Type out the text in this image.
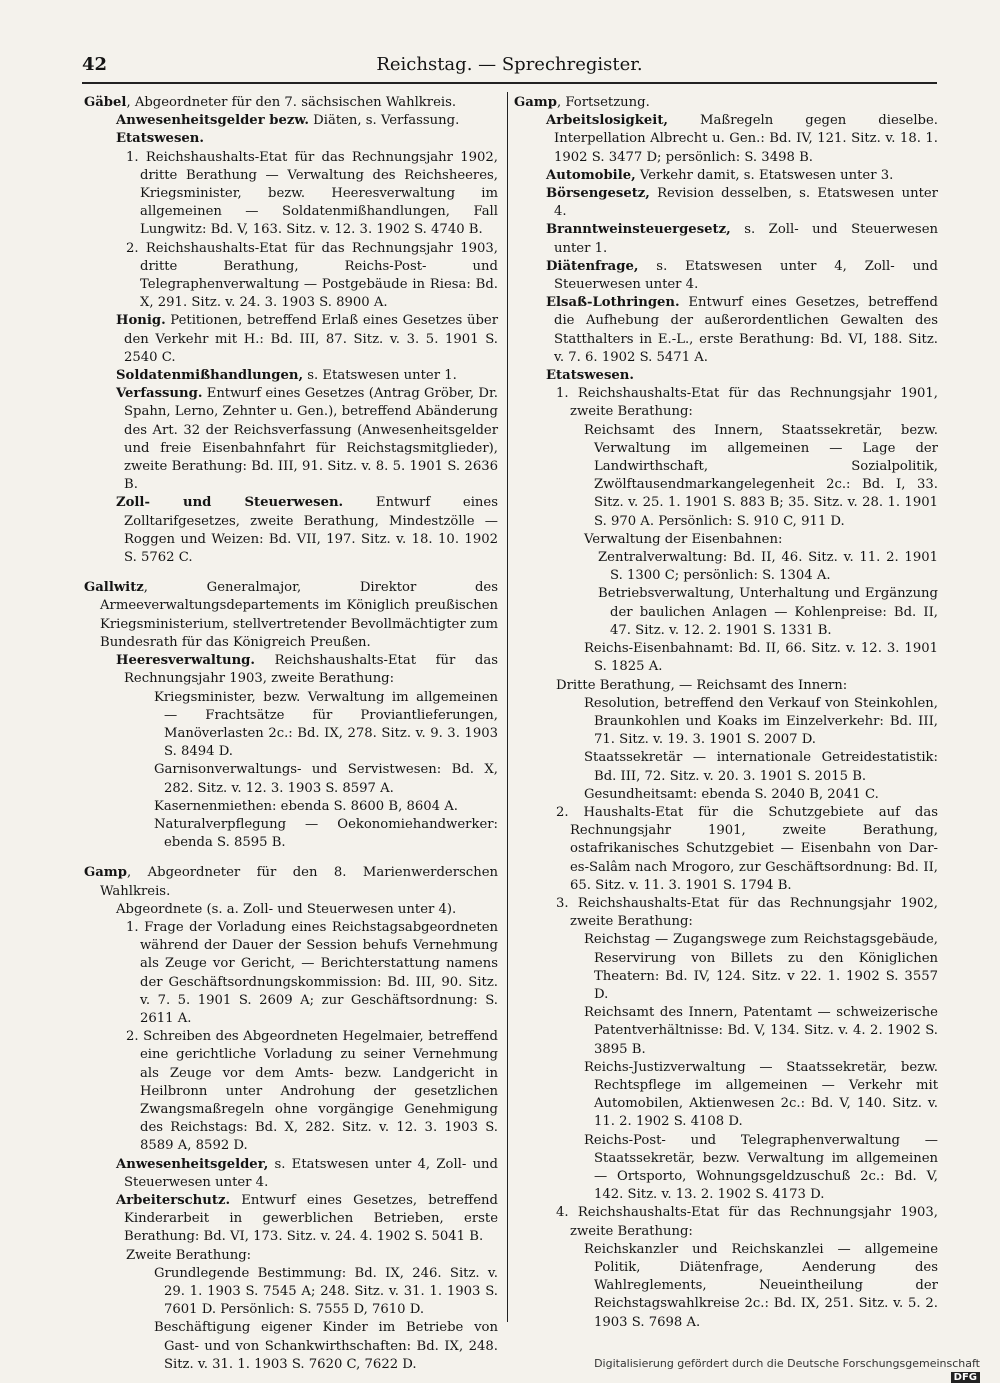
42	Reichstag. — Sprechregister.

Gäbel, Abgeordneter für den 7. sächsischen Wahlkreis.

Anwesenheitsgelder bezw. Diäten, s. Verfassung.

Etatswesen.

1. Reichshaushalts-Etat für das Rechnungsjahr 1902, dritte Berathung — Verwaltung des Reichsheeres, Kriegsminister, bezw. Heeresverwaltung im allgemeinen — Soldatenmißhandlungen, Fall Lungwitz: Bd. V, 163. Sitz. v. 12. 3. 1902 S. 4740 B.

2. Reichshaushalts-Etat für das Rechnungsjahr 1903, dritte Berathung, Reichs-Post- und Telegraphenverwaltung — Postgebäude in Riesa: Bd. X, 291. Sitz. v. 24. 3. 1903 S. 8900 A.

Honig. Petitionen, betreffend Erlaß eines Gesetzes über den Verkehr mit H.: Bd. III, 87. Sitz. v. 3. 5. 1901 S. 2540 C.

Soldatenmißhandlungen, s. Etatswesen unter 1.

Verfassung. Entwurf eines Gesetzes (Antrag Gröber, Dr. Spahn, Lerno, Zehnter u. Gen.), betreffend Abänderung des Art. 32 der Reichsverfassung (Anwesenheitsgelder und freie Eisenbahnfahrt für Reichstagsmitglieder), zweite Berathung: Bd. III, 91. Sitz. v. 8. 5. 1901 S. 2636 B.

Zoll- und Steuerwesen. Entwurf eines Zolltarifgesetzes, zweite Berathung, Mindestzölle — Roggen und Weizen: Bd. VII, 197. Sitz. v. 18. 10. 1902 S. 5762 C.

Gallwitz, Generalmajor, Direktor des Armeeverwaltungsdepartements im Königlich preußischen Kriegsministerium, stellvertretender Bevollmächtigter zum Bundesrath für das Königreich Preußen.

Heeresverwaltung. Reichshaushalts-Etat für das Rechnungsjahr 1903, zweite Berathung:

Kriegsminister, bezw. Verwaltung im allgemeinen — Frachtsätze für Proviantlieferungen, Manöverlasten 2c.: Bd. IX, 278. Sitz. v. 9. 3. 1903 S. 8494 D.

Garnisonverwaltungs- und Servistwesen: Bd. X, 282. Sitz. v. 12. 3. 1903 S. 8597 A.

Kasernenmiethen: ebenda S. 8600 B, 8604 A.

Naturalverpflegung — Oekonomiehandwerker: ebenda S. 8595 B.

Gamp, Abgeordneter für den 8. Marienwerderschen Wahlkreis.

Abgeordnete (s. a. Zoll- und Steuerwesen unter 4).

1. Frage der Vorladung eines Reichstagsabgeordneten während der Dauer der Session behufs Vernehmung als Zeuge vor Gericht, — Berichterstattung namens der Geschäftsordnungskommission: Bd. III, 90. Sitz. v. 7. 5. 1901 S. 2609 A; zur Geschäftsordnung: S. 2611 A.

2. Schreiben des Abgeordneten Hegelmaier, betreffend eine gerichtliche Vorladung zu seiner Vernehmung als Zeuge vor dem Amts- bezw. Landgericht in Heilbronn unter Androhung der gesetzlichen Zwangsmaßregeln ohne vorgängige Genehmigung des Reichstags: Bd. X, 282. Sitz. v. 12. 3. 1903 S. 8589 A, 8592 D.

Anwesenheitsgelder, s. Etatswesen unter 4, Zoll- und Steuerwesen unter 4.

Arbeiterschutz. Entwurf eines Gesetzes, betreffend Kinderarbeit in gewerblichen Betrieben, erste Berathung: Bd. VI, 173. Sitz. v. 24. 4. 1902 S. 5041 B.

Zweite Berathung:

Grundlegende Bestimmung: Bd. IX, 246. Sitz. v. 29. 1. 1903 S. 7545 A; 248. Sitz. v. 31. 1. 1903 S. 7601 D. Persönlich: S. 7555 D, 7610 D.

Beschäftigung eigener Kinder im Betriebe von Gast- und von Schankwirthschaften: Bd. IX, 248. Sitz. v. 31. 1. 1903 S. 7620 C, 7622 D.

Gamp, Fortsetzung.

Arbeitslosigkeit, Maßregeln gegen dieselbe. Interpellation Albrecht u. Gen.: Bd. IV, 121. Sitz. v. 18. 1. 1902 S. 3477 D; persönlich: S. 3498 B.

Automobile, Verkehr damit, s. Etatswesen unter 3.

Börsengesetz, Revision desselben, s. Etatswesen unter 4.

Branntweinsteuergesetz, s. Zoll- und Steuerwesen unter 1.

Diätenfrage, s. Etatswesen unter 4, Zoll- und Steuerwesen unter 4.

Elsaß-Lothringen. Entwurf eines Gesetzes, betreffend die Aufhebung der außerordentlichen Gewalten des Statthalters in E.-L., erste Berathung: Bd. VI, 188. Sitz. v. 7. 6. 1902 S. 5471 A.

Etatswesen.

1. Reichshaushalts-Etat für das Rechnungsjahr 1901, zweite Berathung:

Reichsamt des Innern, Staatssekretär, bezw. Verwaltung im allgemeinen — Lage der Landwirthschaft, Sozialpolitik, Zwölftausendmarkangelegenheit 2c.: Bd. I, 33. Sitz. v. 25. 1. 1901 S. 883 B; 35. Sitz. v. 28. 1. 1901 S. 970 A. Persönlich: S. 910 C, 911 D.

Verwaltung der Eisenbahnen:

Zentralverwaltung: Bd. II, 46. Sitz. v. 11. 2. 1901 S. 1300 C; persönlich: S. 1304 A.

Betriebsverwaltung, Unterhaltung und Ergänzung der baulichen Anlagen — Kohlenpreise: Bd. II, 47. Sitz. v. 12. 2. 1901 S. 1331 B.

Reichs-Eisenbahnamt: Bd. II, 66. Sitz. v. 12. 3. 1901 S. 1825 A.

Dritte Berathung, — Reichsamt des Innern:

Resolution, betreffend den Verkauf von Steinkohlen, Braunkohlen und Koaks im Einzelverkehr: Bd. III, 71. Sitz. v. 19. 3. 1901 S. 2007 D.

Staatssekretär — internationale Getreidestatistik: Bd. III, 72. Sitz. v. 20. 3. 1901 S. 2015 B.

Gesundheitsamt: ebenda S. 2040 B, 2041 C.

2. Haushalts-Etat für die Schutzgebiete auf das Rechnungsjahr 1901, zweite Berathung, ostafrikanisches Schutzgebiet — Eisenbahn von Dar-es-Salâm nach Mrogoro, zur Geschäftsordnung: Bd. II, 65. Sitz. v. 11. 3. 1901 S. 1794 B.

3. Reichshaushalts-Etat für das Rechnungsjahr 1902, zweite Berathung:

Reichstag — Zugangswege zum Reichstagsgebäude, Reservirung von Billets zu den Königlichen Theatern: Bd. IV, 124. Sitz. v 22. 1. 1902 S. 3557 D.

Reichsamt des Innern, Patentamt — schweizerische Patentverhältnisse: Bd. V, 134. Sitz. v. 4. 2. 1902 S. 3895 B.

Reichs-Justizverwaltung — Staatssekretär, bezw. Rechtspflege im allgemeinen — Verkehr mit Automobilen, Aktienwesen 2c.: Bd. V, 140. Sitz. v. 11. 2. 1902 S. 4108 D.

Reichs-Post- und Telegraphenverwaltung — Staatssekretär, bezw. Verwaltung im allgemeinen — Ortsporto, Wohnungsgeldzuschuß 2c.: Bd. V, 142. Sitz. v. 13. 2. 1902 S. 4173 D.

4. Reichshaushalts-Etat für das Rechnungsjahr 1903, zweite Berathung:

Reichskanzler und Reichskanzlei — allgemeine Politik, Diätenfrage, Aenderung des Wahlreglements, Neueintheilung der Reichstagswahlkreise 2c.: Bd. IX, 251. Sitz. v. 5. 2. 1903 S. 7698 A.

Digitalisierung gefördert durch die Deutsche Forschungsgemeinschaft DFG
